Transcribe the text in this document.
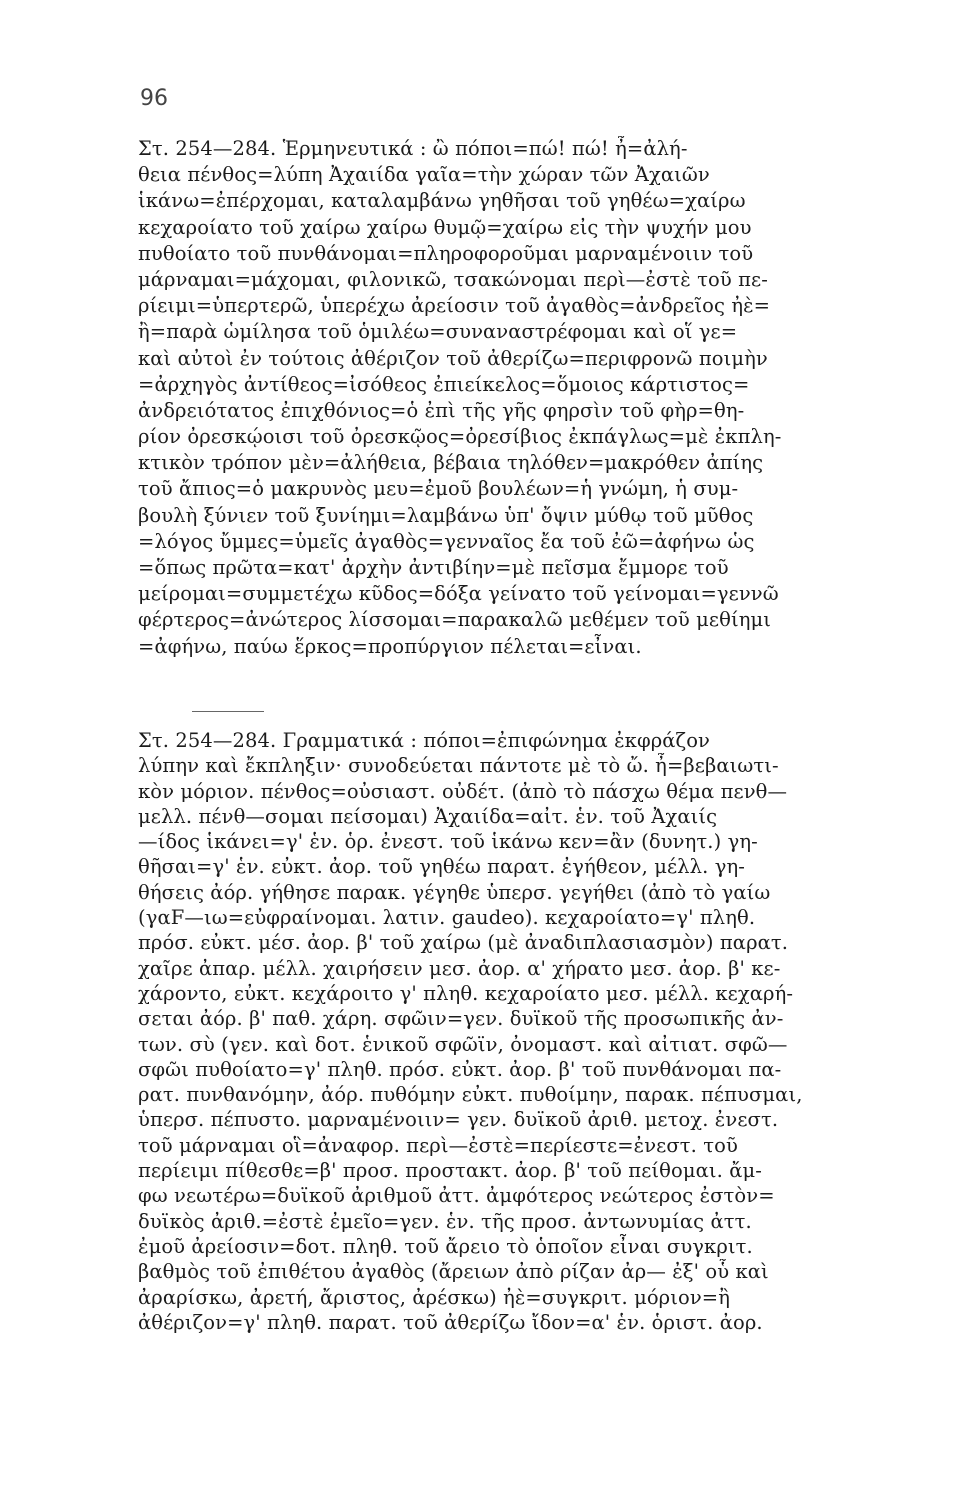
96
Στ. 254—284. Ἑρμηνευτικά : ὢ πόποι=πώ! πώ! ἦ=ἀλή-
θεια πένθος=λύπη Ἀχαιίδα γαῖα=τὴν χώραν τῶν Ἀχαιῶν
ἱκάνω=ἐπέρχομαι, καταλαμβάνω γηθῆσαι τοῦ γηθέω=χαίρω
κεχαροίατο τοῦ χαίρω χαίρω θυμῷ=χαίρω εἰς τὴν ψυχήν μου
πυθοίατο τοῦ πυνθάνομαι=πληροφοροῦμαι μαρναμένοιιν τοῦ
μάρναμαι=μάχομαι, φιλονικῶ, τσακώνομαι περὶ—ἐστὲ τοῦ πε-
ρίειμι=ὑπερτερῶ, ὑπερέχω ἀρείοσιν τοῦ ἀγαθὸς=ἀνδρεῖος ἠὲ=
ἢ=παρὰ ὡμίλησα τοῦ ὁμιλέω=συναναστρέφομαι καὶ οἵ γε=
καὶ αὐτοὶ ἐν τούτοις ἀθέριζον τοῦ ἀθερίζω=περιφρονῶ ποιμὴν
=ἀρχηγὸς ἀντίθεος=ἰσόθεος ἐπιείκελος=ὅμοιος κάρτιστος=
ἀνδρειότατος ἐπιχθόνιος=ὁ ἐπὶ τῆς γῆς φηρσὶν τοῦ φὴρ=θη-
ρίον ὀρεσκῴοισι τοῦ ὀρεσκῷος=ὀρεσίβιος ἐκπάγλως=μὲ ἐκπλη-
κτικὸν τρόπον μὲν=ἀλήθεια, βέβαια τηλόθεν=μακρόθεν ἀπίης
τοῦ ἄπιος=ὁ μακρυνὸς μευ=ἐμοῦ βουλέων=ἡ γνώμη, ἡ συμ-
βουλὴ ξύνιεν τοῦ ξυνίημι=λαμβάνω ὑπ' ὄψιν μύθῳ τοῦ μῦθος
=λόγος ὔμμες=ὑμεῖς ἀγαθὸς=γενναῖος ἔα τοῦ ἐῶ=ἀφήνω ὡς
=ὅπως πρῶτα=κατ' ἀρχὴν ἀντιβίην=μὲ πεῖσμα ἔμμορε τοῦ
μείρομαι=συμμετέχω κῦδος=δόξα γείνατο τοῦ γείνομαι=γεννῶ
φέρτερος=ἀνώτερος λίσσομαι=παρακαλῶ μεθέμεν τοῦ μεθίημι
=ἀφήνω, παύω ἕρκος=προπύργιον πέλεται=εἶναι.
Στ. 254—284. Γραμματικά : πόποι=ἐπιφώνημα ἐκφράζον
λύπην καὶ ἔκπληξιν· συνοδεύεται πάντοτε μὲ τὸ ὤ. ἦ=βεβαιωτι-
κὸν μόριον. πένθος=οὐσιαστ. οὐδέτ. (ἀπὸ τὸ πάσχω θέμα πενθ—
μελλ. πένθ—σομαι πείσομαι) Ἀχαιίδα=αἰτ. ἑν. τοῦ Ἀχαιίς
—ίδος ἱκάνει=γ' ἑν. ὁρ. ἐνεστ. τοῦ ἱκάνω κεν=ἂν (δυνητ.) γη-
θῆσαι=γ' ἑν. εὐκτ. ἀορ. τοῦ γηθέω παρατ. ἐγήθεον, μέλλ. γη-
θήσεις ἀόρ. γήθησε παρακ. γέγηθε ὑπερσ. γεγήθει (ἀπὸ τὸ γαίω
(γαF—ιω=εὐφραίνομαι. λατιν. gaudeo). κεχαροίατο=γ' πληθ.
πρόσ. εὐκτ. μέσ. ἀορ. β' τοῦ χαίρω (μὲ ἀναδιπλασιασμὸν) παρατ.
χαῖρε ἀπαρ. μέλλ. χαιρήσειν μεσ. ἀορ. α' χήρατο μεσ. ἀορ. β' κε-
χάροντο, εὐκτ. κεχάροιτο γ' πληθ. κεχαροίατο μεσ. μέλλ. κεχαρή-
σεται ἀόρ. β' παθ. χάρη. σφῶιν=γεν. δυϊκοῦ τῆς προσωπικῆς ἀν-
των. σὺ (γεν. καὶ δοτ. ἑνικοῦ σφῶϊν, ὀνομαστ. καὶ αἰτιατ. σφῶ—
σφῶι πυθοίατο=γ' πληθ. πρόσ. εὐκτ. ἀορ. β' τοῦ πυνθάνομαι πα-
ρατ. πυνθανόμην, ἀόρ. πυθόμην εὐκτ. πυθοίμην, παρακ. πέπυσμαι,
ὑπερσ. πέπυστο. μαρναμένοιιν= γεν. δυϊκοῦ ἀριθ. μετοχ. ἐνεστ.
τοῦ μάρναμαι οἳ=ἀναφορ. περὶ—ἐστὲ=περίεστε=ἐνεστ. τοῦ
περίειμι πίθεσθε=β' προσ. προστακτ. ἀορ. β' τοῦ πείθομαι. ἄμ-
φω νεωτέρω=δυϊκοῦ ἀριθμοῦ ἀττ. ἀμφότερος νεώτερος ἐστὸν=
δυϊκὸς ἀριθ.=ἐστὲ ἐμεῖο=γεν. ἑν. τῆς προσ. ἀντωνυμίας ἀττ.
ἐμοῦ ἀρείοσιν=δοτ. πληθ. τοῦ ἄρειο τὸ ὁποῖον εἶναι συγκριτ.
βαθμὸς τοῦ ἐπιθέτου ἀγαθὸς (ἄρειων ἀπὸ ρίζαν ἀρ— ἐξ' οὗ καὶ
ἀραρίσκω, ἀρετή, ἄριστος, ἀρέσκω) ἠὲ=συγκριτ. μόριον=ἢ
ἀθέριζον=γ' πληθ. παρατ. τοῦ ἀθερίζω ἴδον=α' ἑν. ὁριστ. ἀορ.
